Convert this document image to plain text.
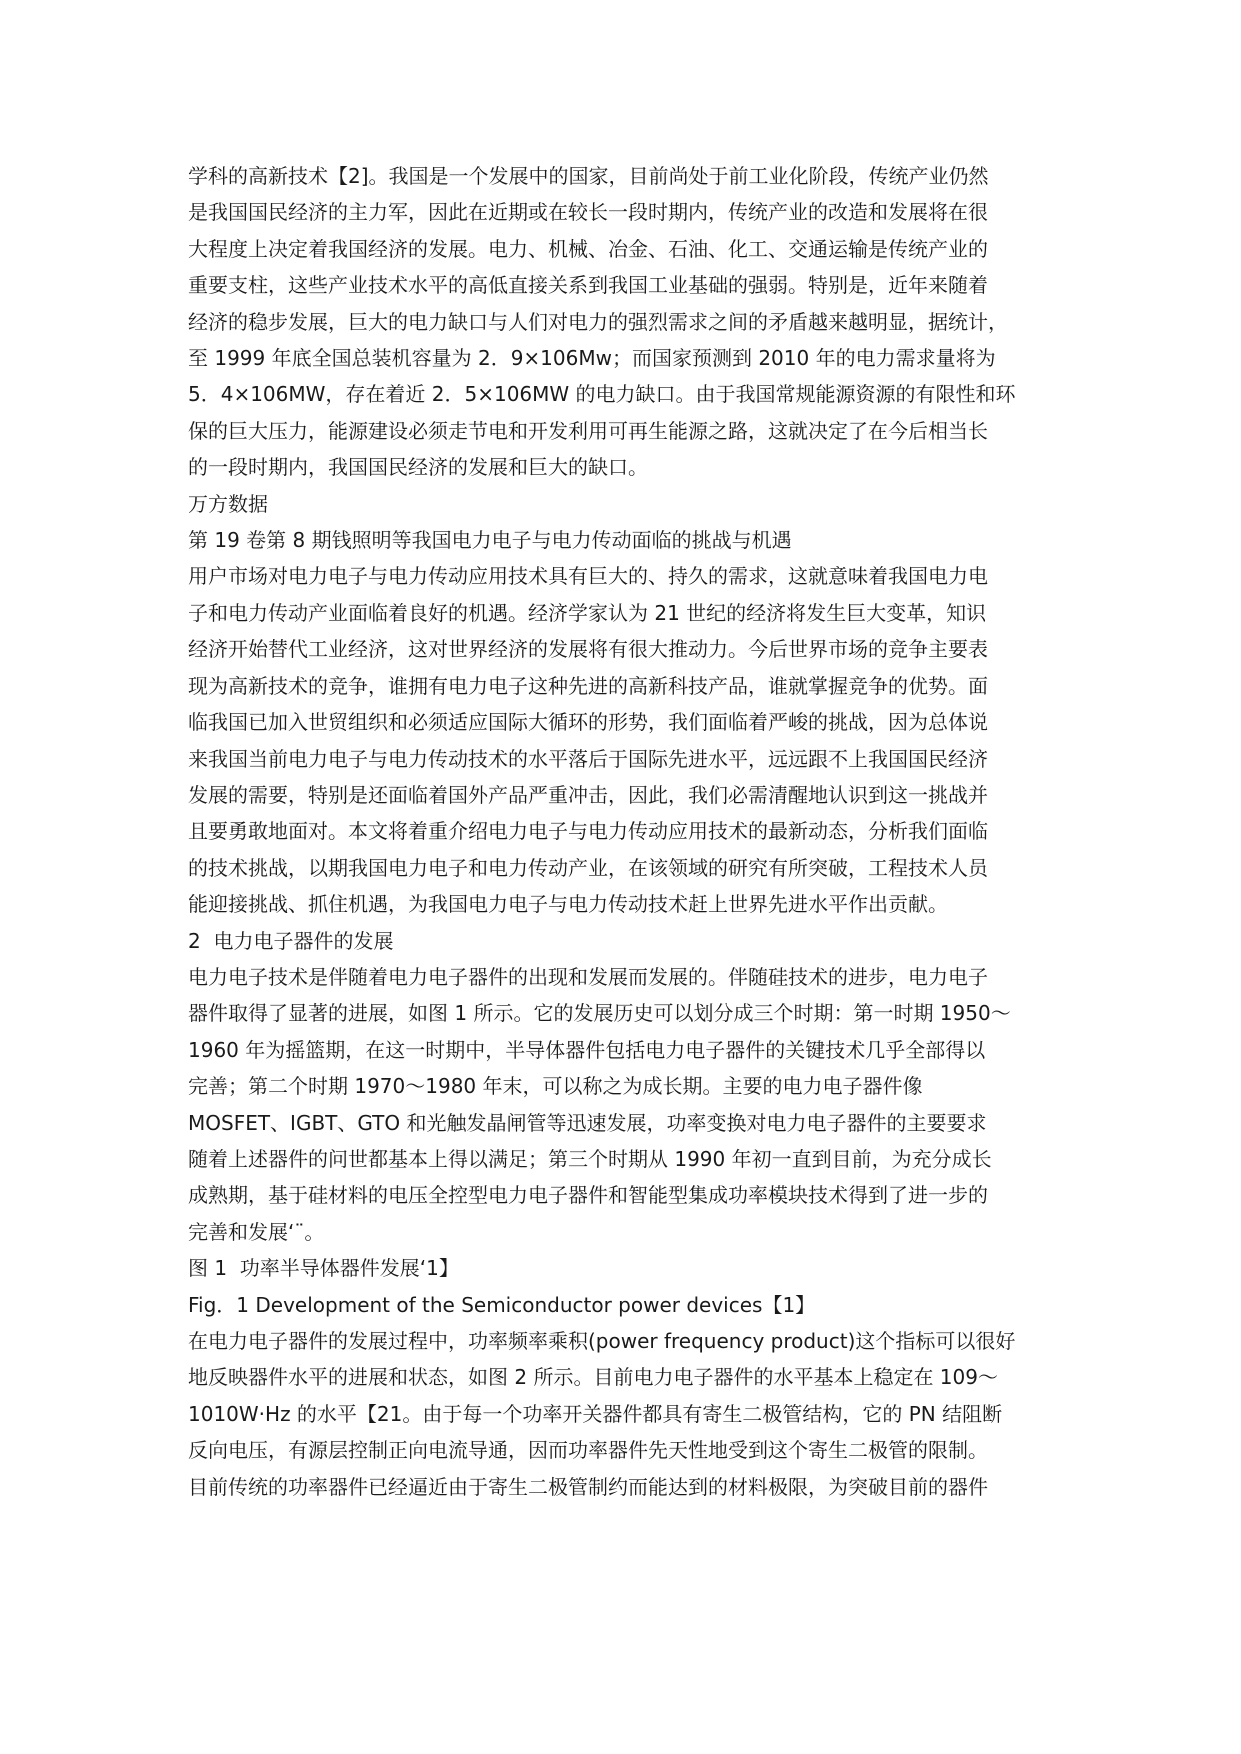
学科的高新技术【2]。我国是一个发展中的国家，目前尚处于前工业化阶段，传统产业仍然
是我国国民经济的主力军，因此在近期或在较长一段时期内，传统产业的改造和发展将在很
大程度上决定着我国经济的发展。电力、机械、冶金、石油、化工、交通运输是传统产业的
重要支柱，这些产业技术水平的高低直接关系到我国工业基础的强弱。特别是，近年来随着
经济的稳步发展，巨大的电力缺口与人们对电力的强烈需求之间的矛盾越来越明显，据统计，
至 1999 年底全国总装机容量为 2．9×106Mw；而国家预测到 2010 年的电力需求量将为
5．4×106MW，存在着近 2．5×106MW 的电力缺口。由于我国常规能源资源的有限性和环
保的巨大压力，能源建设必须走节电和开发利用可再生能源之路，这就决定了在今后相当长
的一段时期内，我国国民经济的发展和巨大的缺口。

万方数据

第 19 卷第 8 期钱照明等我国电力电子与电力传动面临的挑战与机遇

用户市场对电力电子与电力传动应用技术具有巨大的、持久的需求，这就意味着我国电力电
子和电力传动产业面临着良好的机遇。经济学家认为 21 世纪的经济将发生巨大变革，知识
经济开始替代工业经济，这对世界经济的发展将有很大推动力。今后世界市场的竞争主要表
现为高新技术的竞争，谁拥有电力电子这种先进的高新科技产品，谁就掌握竞争的优势。面
临我国已加入世贸组织和必须适应国际大循环的形势，我们面临着严峻的挑战，因为总体说
来我国当前电力电子与电力传动技术的水平落后于国际先进水平，远远跟不上我国国民经济
发展的需要，特别是还面临着国外产品严重冲击，因此，我们必需清醒地认识到这一挑战并
且要勇敢地面对。本文将着重介绍电力电子与电力传动应用技术的最新动态，分析我们面临
的技术挑战，以期我国电力电子和电力传动产业，在该领域的研究有所突破，工程技术人员
能迎接挑战、抓住机遇，为我国电力电子与电力传动技术赶上世界先进水平作出贡献。

2  电力电子器件的发展

电力电子技术是伴随着电力电子器件的出现和发展而发展的。伴随硅技术的进步，电力电子
器件取得了显著的进展，如图 1 所示。它的发展历史可以划分成三个时期：第一时期 1950～
1960 年为摇篮期，在这一时期中，半导体器件包括电力电子器件的关键技术几乎全部得以
完善；第二个时期 1970～1980 年末，可以称之为成长期。主要的电力电子器件像
MOSFET、IGBT、GTO 和光触发晶闸管等迅速发展，功率变换对电力电子器件的主要要求
随着上述器件的问世都基本上得以满足；第三个时期从 1990 年初一直到目前，为充分成长
成熟期，基于硅材料的电压全控型电力电子器件和智能型集成功率模块技术得到了进一步的
完善和发展‘¨。

图 1  功率半导体器件发展‘1】

Fig．1 Development of the Semiconductor power devices【1】

在电力电子器件的发展过程中，功率频率乘积(power frequency product)这个指标可以很好
地反映器件水平的进展和状态，如图 2 所示。目前电力电子器件的水平基本上稳定在 109～
1010W·Hz 的水平【21。由于每一个功率开关器件都具有寄生二极管结构，它的 PN 结阻断
反向电压，有源层控制正向电流导通，因而功率器件先天性地受到这个寄生二极管的限制。
目前传统的功率器件已经逼近由于寄生二极管制约而能达到的材料极限，为突破目前的器件
